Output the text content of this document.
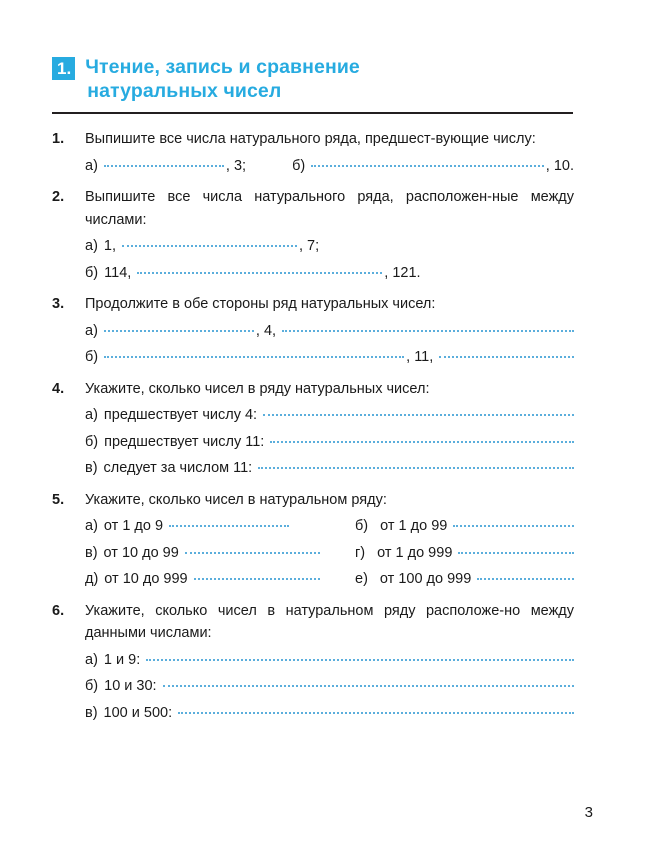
1. Чтение, запись и сравнение
натуральных чисел
1.	Выпишите все числа натурального ряда, предшест-вующие числу:
а)	, 3;	б)	, 10.
2.	Выпишите все числа натурального ряда, расположен-ные между числами:
а) 1,	, 7;
б) 114,	, 121.
3.	Продолжите в обе стороны ряд натуральных чисел:
а)	, 4,
б)	, 11,
4.	Укажите, сколько чисел в ряду натуральных чисел:
а) предшествует числу 4:
б) предшествует числу 11:
в) следует за числом 11:
5.	Укажите, сколько чисел в натуральном ряду:
а) от 1 до 9	б) от 1 до 99
в) от 10 до 99	г) от 1 до 999
д) от 10 до 999	е) от 100 до 999
6.	Укажите, сколько чисел в натуральном ряду расположе-но между данными числами:
а) 1 и 9:
б) 10 и 30:
в) 100 и 500:
3
